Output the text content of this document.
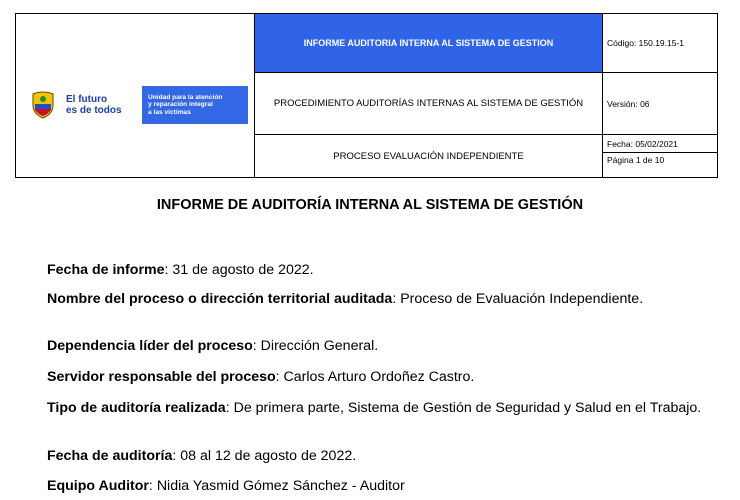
El futuro
es de todos
Unidad para la atención
y reparación integral
a las víctimas
INFORME AUDITORIA INTERNA AL SISTEMA DE GESTION
PROCEDIMIENTO AUDITORÍAS INTERNAS AL SISTEMA DE GESTIÓN
PROCESO EVALUACIÓN INDEPENDIENTE
Código: 150.19.15-1
Versión: 06
Fecha: 05/02/2021
Página 1 de 10
INFORME DE AUDITORÍA INTERNA AL SISTEMA DE GESTIÓN
Fecha de informe: 31 de agosto de 2022.
Nombre del proceso o dirección territorial auditada: Proceso de Evaluación Independiente.
Dependencia líder del proceso: Dirección General.
Servidor responsable del proceso: Carlos Arturo Ordoñez Castro.
Tipo de auditoría realizada: De primera parte, Sistema de Gestión de Seguridad y Salud en el Trabajo.
Fecha de auditoría: 08 al 12 de agosto de 2022.
Equipo Auditor: Nidia Yasmid Gómez Sánchez - Auditor
